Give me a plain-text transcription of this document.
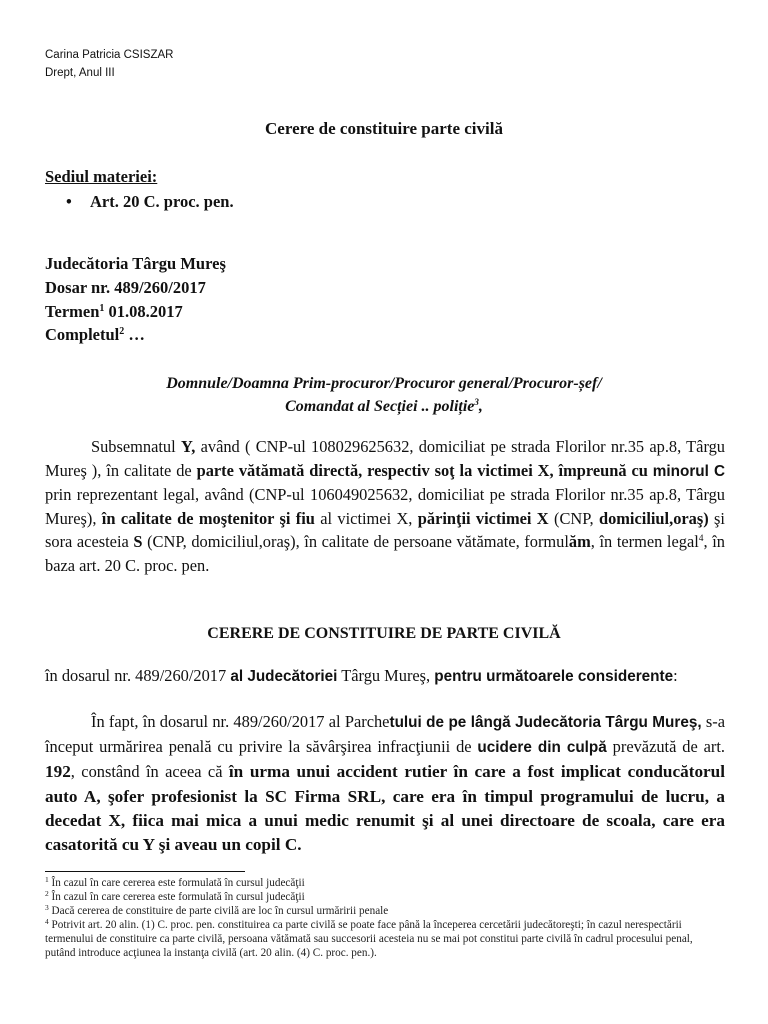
Carina Patricia CSISZAR
Drept, Anul III
Cerere de constituire parte civilă
Sediul materiei:
• Art. 20 C. proc. pen.
Judecătoria Târgu Mureş
Dosar nr. 489/260/2017
Termen$^1$ 01.08.2017
Completul$^2$ …
Domnule/Doamna Prim-procuror/Procuror general/Procuror-șef/
Comandat al Secției .. poliție$^3$,

Subsemnatul Y, având ( CNP-ul 108029625632, domiciliat pe strada Florilor nr.35 ap.8, Târgu Mureş ), în calitate de parte vătămată directă, respectiv soţ la victimei X, împreună cu minorul C prin reprezentant legal, având (CNP-ul 106049025632, domiciliat pe strada Florilor nr.35 ap.8, Târgu Mureş), în calitate de moştenitor şi fiu al victimei X, părinţii victimei X (CNP, domiciliul,oraş) şi sora acesteia S (CNP, domiciliul,oraş), în calitate de persoane vătămate, formulăm, în termen legal$^4$, în baza art. 20 C. proc. pen.

CERERE DE CONSTITUIRE DE PARTE CIVILĂ
în dosarul nr. 489/260/2017 al Judecătoriei Târgu Mureş, pentru următoarele considerente:

În fapt, în dosarul nr. 489/260/2017 al Parchetului de pe lângă Judecătoria Târgu Mureş, s-a început urmărirea penală cu privire la săvârşirea infracţiunii de ucidere din culpă prevăzută de art. 192, constând în aceea că în urma unui accident rutier în care a fost implicat conducătorul auto A, şofer profesionist la SC Firma SRL, care era în timpul programului de lucru, a decedat X, fiica mai mica a unui medic renumit şi al unei directoare de scoala, care era casatorită cu Y şi aveau un copil C.

$^1$ În cazul în care cererea este formulată în cursul judecăţii
$^2$ În cazul în care cererea este formulată în cursul judecăţii
$^3$ Dacă cererea de constituire de parte civilă are loc în cursul urmăririi penale
$^4$ Potrivit art. 20 alin. (1) C. proc. pen. constituirea ca parte civilă se poate face până la începerea cercetării judecătoreşti; în cazul nerespectării termenului de constituire ca parte civilă, persoana vătămată sau succesorii acesteia nu se mai pot constitui parte civilă în cadrul procesului penal, putând introduce acţiunea la instanţa civilă (art. 20 alin. (4) C. proc. pen.).
